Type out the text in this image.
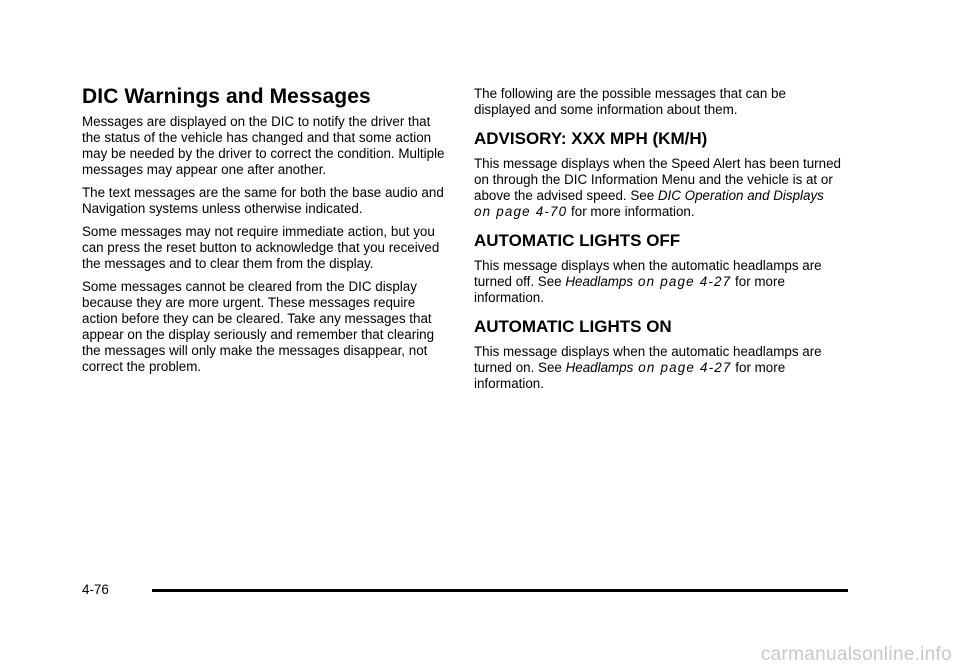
DIC Warnings and Messages

Messages are displayed on the DIC to notify the driver that the status of the vehicle has changed and that some action may be needed by the driver to correct the condition. Multiple messages may appear one after another.

The text messages are the same for both the base audio and Navigation systems unless otherwise indicated.

Some messages may not require immediate action, but you can press the reset button to acknowledge that you received the messages and to clear them from the display.

Some messages cannot be cleared from the DIC display because they are more urgent. These messages require action before they can be cleared. Take any messages that appear on the display seriously and remember that clearing the messages will only make the messages disappear, not correct the problem.

The following are the possible messages that can be displayed and some information about them.

ADVISORY: XXX MPH (KM/H)

This message displays when the Speed Alert has been turned on through the DIC Information Menu and the vehicle is at or above the advised speed. See DIC Operation and Displays on page 4-70 for more information.

AUTOMATIC LIGHTS OFF

This message displays when the automatic headlamps are turned off. See Headlamps on page 4-27 for more information.

AUTOMATIC LIGHTS ON

This message displays when the automatic headlamps are turned on. See Headlamps on page 4-27 for more information.

4-76
carmanualsonline.info
